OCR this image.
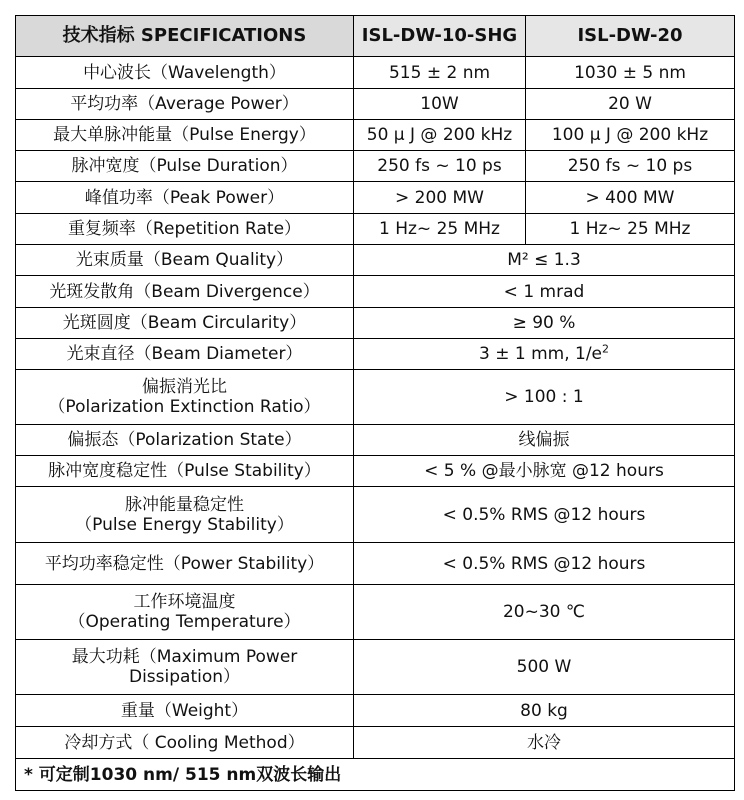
技术指标 SPECIFICATIONS	ISL-DW-10-SHG	ISL-DW-20
中心波长（Wavelength）	515 ± 2 nm	1030 ± 5 nm
平均功率（Average Power）	10W	20 W
最大单脉冲能量（Pulse Energy）	50 μ J @ 200 kHz	100 μ J @ 200 kHz
脉冲宽度（Pulse Duration）	250 fs ~ 10 ps	250 fs ~ 10 ps
峰值功率（Peak Power）	> 200 MW	> 400 MW
重复频率（Repetition Rate）	1 Hz~ 25 MHz	1 Hz~ 25 MHz
光束质量（Beam Quality）	M² ≤ 1.3	
光斑发散角（Beam Divergence）	< 1 mrad	
光斑圆度（Beam Circularity）	≥ 90 %	
光束直径（Beam Diameter）	3 ± 1 mm, $1/e^2$

偏振消光比
（Polarization Extinction Ratio）	> 100 : 1	
偏振态（Polarization State）	线偏振	
脉冲宽度稳定性（Pulse Stability）	< 5 % @最小脉宽 @12 hours	

脉冲能量稳定性
（Pulse Energy Stability）	< 0.5% RMS @12 hours	
平均功率稳定性（Power Stability）	< 0.5% RMS @12 hours	

工作环境温度
（Operating Temperature）	20~30 ℃	

最大功耗（Maximum Power
Dissipation）	500 W	
重量（Weight）	80 kg	
冷却方式（ Cooling Method）	水冷	
* 可定制1030 nm/ 515 nm双波长输出		
